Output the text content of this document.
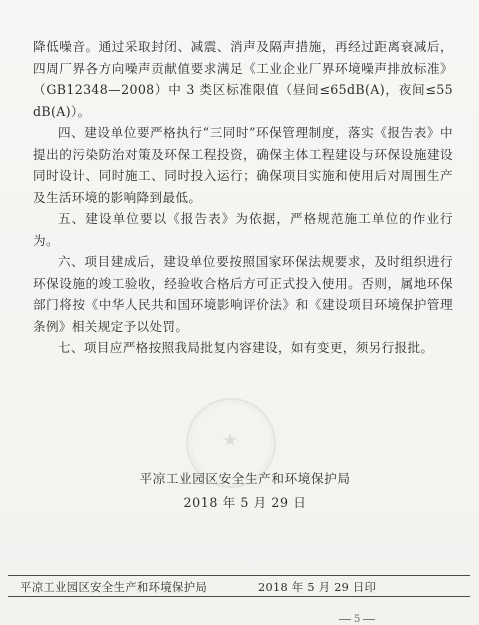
降低噪音。通过采取封闭、减震、消声及隔声措施，再经过距离衰减后，四周厂界各方向噪声贡献值要求满足《工业企业厂界环境噪声排放标准》（GB12348—2008）中 3 类区标准限值（昼间≤65dB(A)，夜间≤55 dB(A)）。

四、建设单位要严格执行“三同时”环保管理制度，落实《报告表》中提出的污染防治对策及环保工程投资，确保主体工程建设与环保设施建设同时设计、同时施工、同时投入运行；确保项目实施和使用后对周围生产及生活环境的影响降到最低。

五、建设单位要以《报告表》为依据，严格规范施工单位的作业行为。

六、项目建成后，建设单位要按照国家环保法规要求，及时组织进行环保设施的竣工验收，经验收合格后方可正式投入使用。否则，属地环保部门将按《中华人民共和国环境影响评价法》和《建设项目环境保护管理条例》相关规定予以处罚。

七、项目应严格按照我局批复内容建设，如有变更，须另行报批。

★
平凉工业园区安全生产和环境保护局
2018 年 5 月 29 日
平凉工业园区安全生产和环境保护局	2018 年 5 月 29 日印
5
